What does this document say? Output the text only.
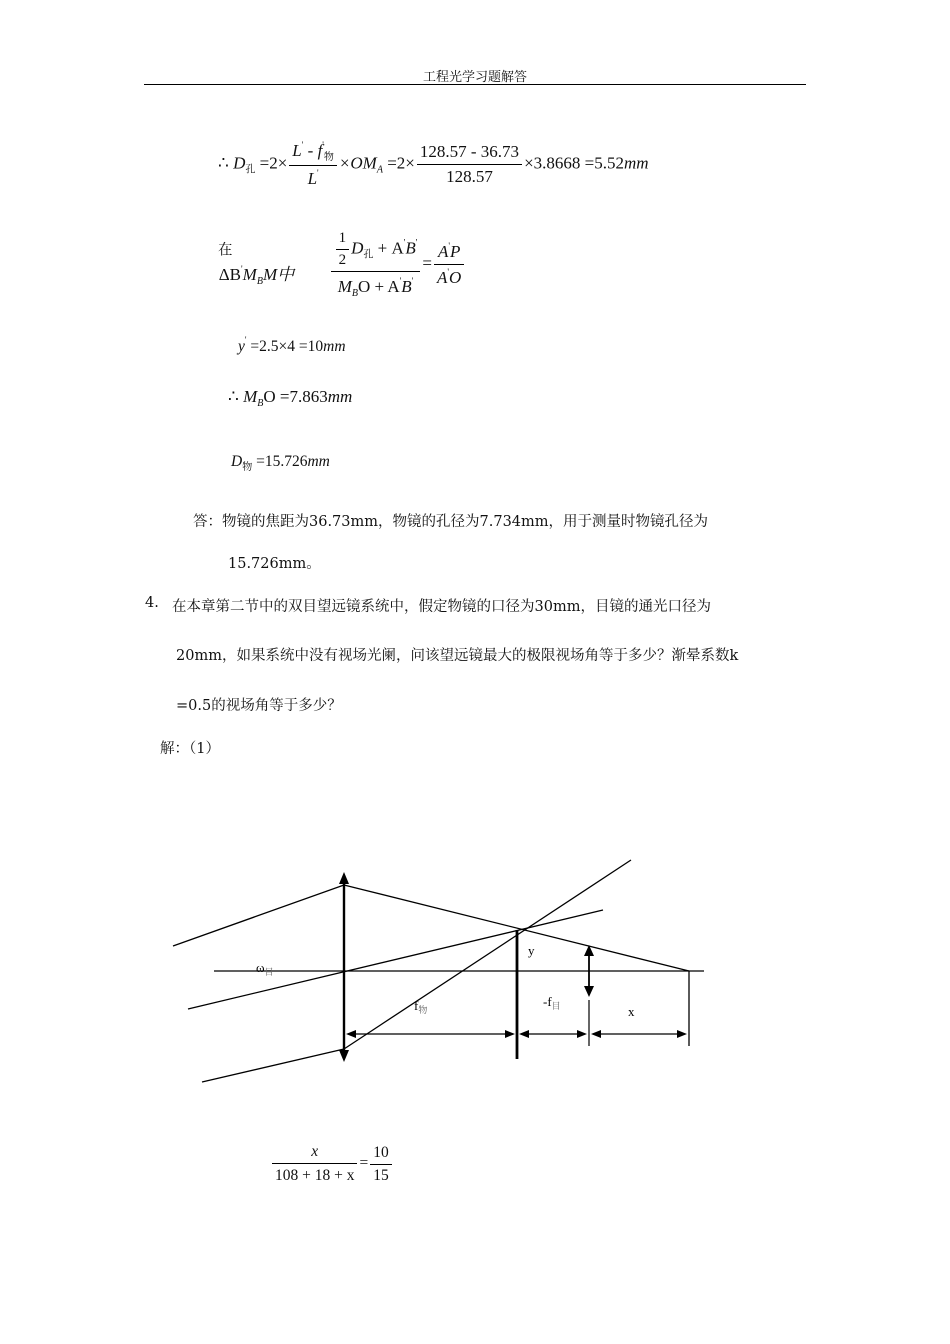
工程光学习题解答
∴ $D_孔 =2\times \frac{L' - f'_物}{L'} \times OM_A =2\times \frac{128.57 - 36.73}{128.57} \times 3.8668 =5.52mm$
在 $\Delta B'M_BM$中 $\frac{\frac{1}{2} D_孔 + A'B'}{M_BO + A'B'} = \frac{A'P}{A'O}$
y' =2.5×4 =10mm
∴ $M_BO =7.863mm$
$D_物 =15.726mm$
答：物镜的焦距为36.73mm，物镜的孔径为7.734mm，用于测量时物镜孔径为
15.726mm。
4. 在本章第二节中的双目望远镜系统中，假定物镜的口径为30mm，目镜的通光口径为
20mm，如果系统中没有视场光阑，问该望远镜最大的极限视场角等于多少？渐晕系数k
=0.5的视场角等于多少？
解：（1）
$\omega_目$
y
$f_物$
$-f_目$	x
$\frac{x}{108 + 18 + x} = \frac{10}{15}$
